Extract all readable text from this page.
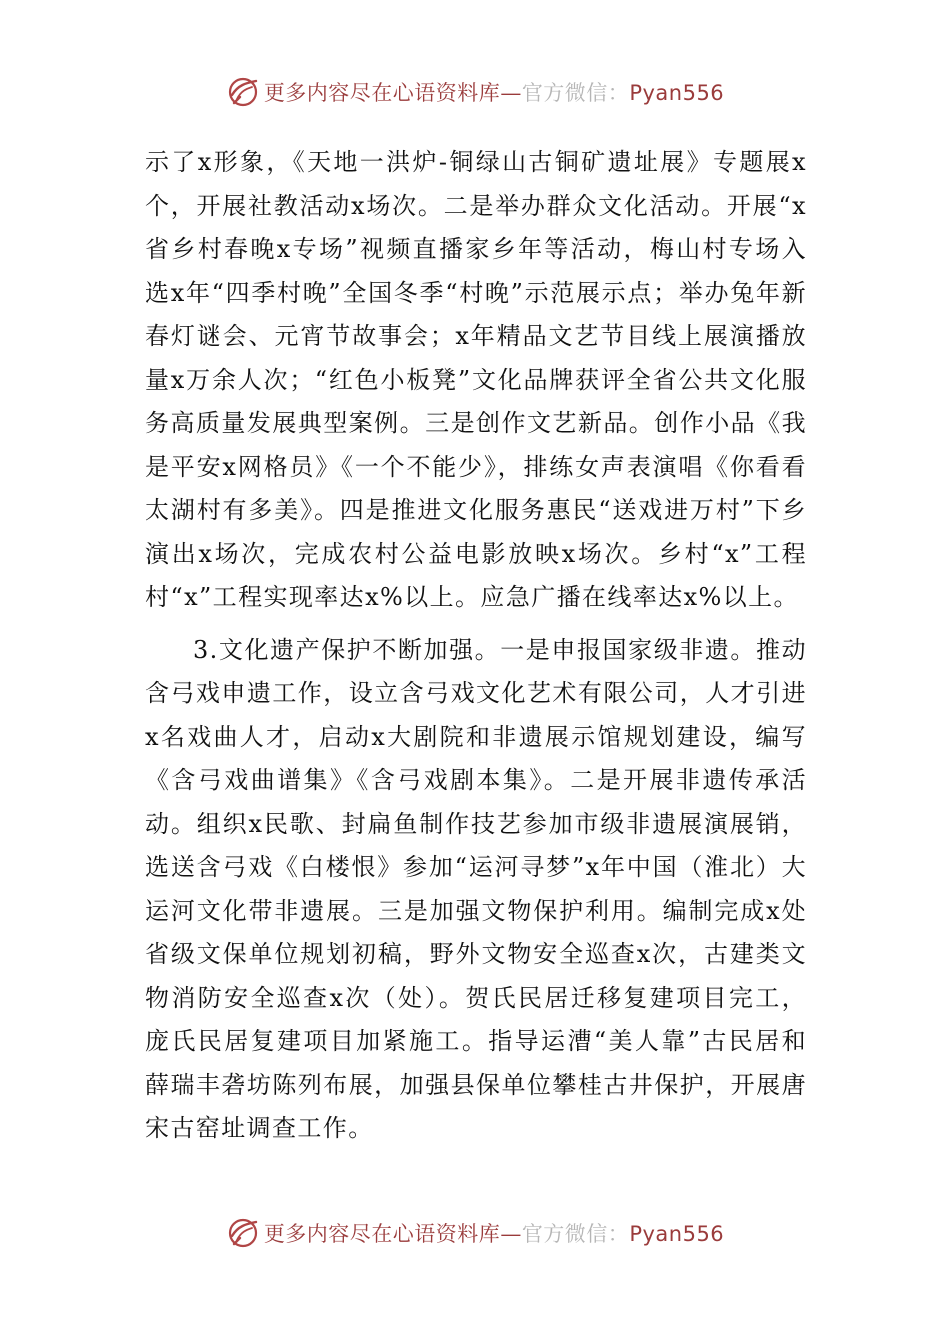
更多内容尽在心语资料库—官方微信：Pyan556

示了x形象，《天地一洪炉-铜绿山古铜矿遗址展》专题展x个，开展社教活动x场次。二是举办群众文化活动。开展“x省乡村春晚x专场”视频直播家乡年等活动，梅山村专场入选x年“四季村晚”全国冬季“村晚”示范展示点；举办兔年新春灯谜会、元宵节故事会；x年精品文艺节目线上展演播放量x万余人次；“红色小板凳”文化品牌获评全省公共文化服务高质量发展典型案例。三是创作文艺新品。创作小品《我是平安x网格员》《一个不能少》，排练女声表演唱《你看看太湖村有多美》。四是推进文化服务惠民“送戏进万村”下乡演出x场次，完成农村公益电影放映x场次。乡村“x”工程村“x”工程实现率达x%以上。应急广播在线率达x%以上。

3.文化遗产保护不断加强。一是申报国家级非遗。推动含弓戏申遗工作，设立含弓戏文化艺术有限公司，人才引进x名戏曲人才，启动x大剧院和非遗展示馆规划建设，编写《含弓戏曲谱集》《含弓戏剧本集》。二是开展非遗传承活动。组织x民歌、封扁鱼制作技艺参加市级非遗展演展销，选送含弓戏《白楼恨》参加“运河寻梦”x年中国（淮北）大运河文化带非遗展。三是加强文物保护利用。编制完成x处省级文保单位规划初稿，野外文物安全巡查x次，古建类文物消防安全巡查x次（处）。贺氏民居迁移复建项目完工，庞氏民居复建项目加紧施工。指导运漕“美人靠”古民居和薛瑞丰砻坊陈列布展，加强县保单位攀桂古井保护，开展唐宋古窑址调查工作。

更多内容尽在心语资料库—官方微信：Pyan556
